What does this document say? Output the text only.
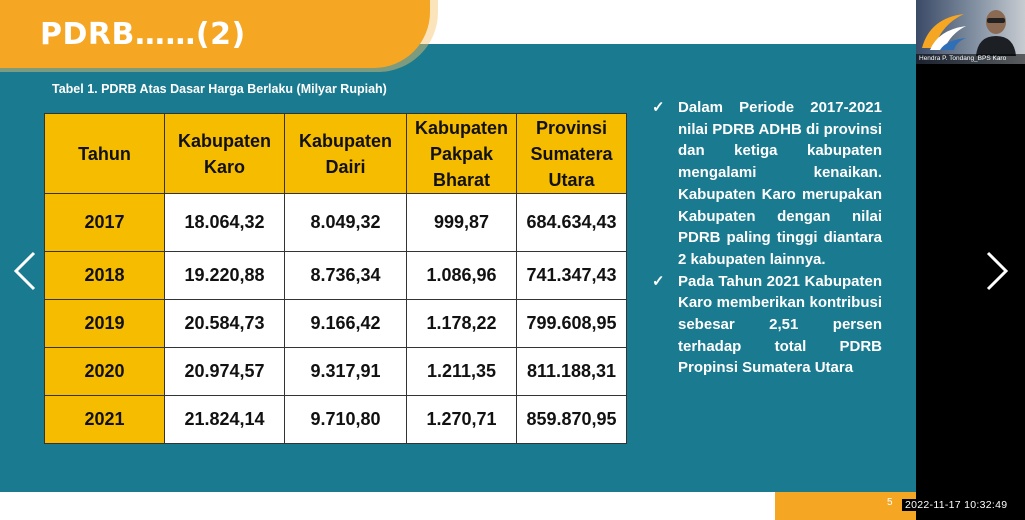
PDRB……(2)
Tabel 1. PDRB Atas Dasar Harga Berlaku (Milyar Rupiah)
Tahun	Kabupaten Karo	Kabupaten Dairi	Kabupaten Pakpak Bharat	Provinsi Sumatera Utara
2017	18.064,32	8.049,32	999,87	684.634,43
2018	19.220,88	8.736,34	1.086,96	741.347,43
2019	20.584,73	9.166,42	1.178,22	799.608,95
2020	20.974,57	9.317,91	1.211,35	811.188,31
2021	21.824,14	9.710,80	1.270,71	859.870,95
✓ Dalam Periode 2017-2021 nilai PDRB ADHB di provinsi dan ketiga kabupaten mengalami kenaikan. Kabupaten Karo merupakan Kabupaten dengan nilai PDRB paling tinggi diantara 2 kabupaten lainnya.
✓ Pada Tahun 2021 Kabupaten Karo memberikan kontribusi sebesar 2,51 persen terhadap total PDRB Propinsi Sumatera Utara
5
Hendra P. Tondang_BPS Karo
2022-11-17 10:32:49
